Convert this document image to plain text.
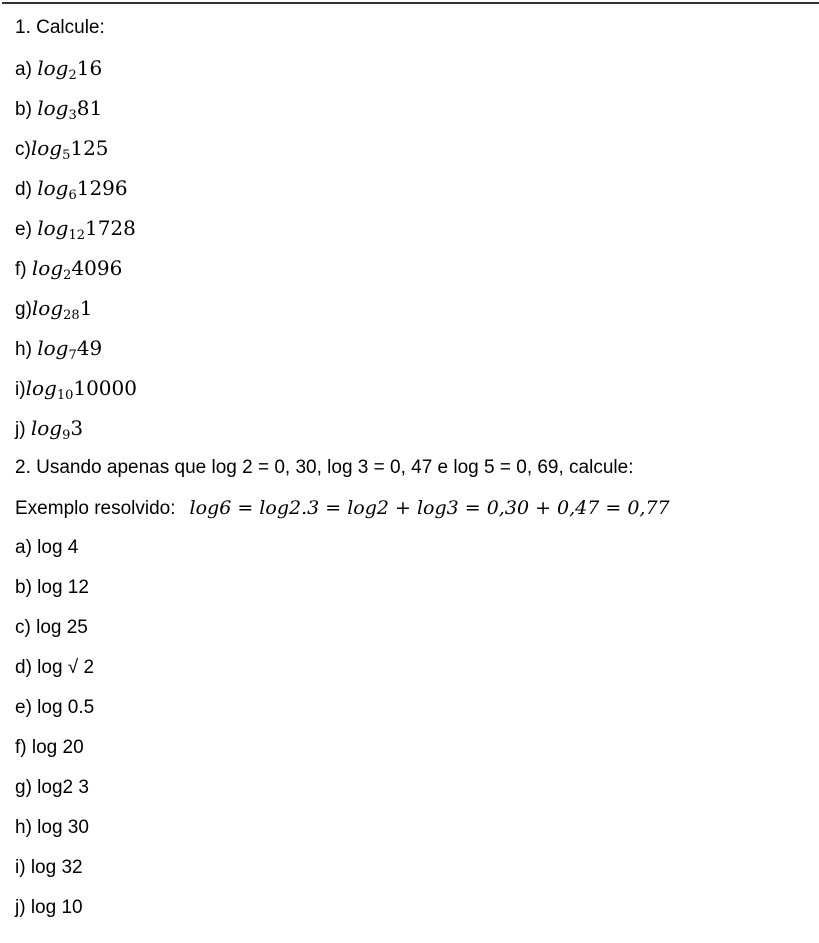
1. Calcule:
a) $\log_216$
b) $\log_381$
$c)\log_5125$
d) $\log_61296$
e) $\log_{12}1728$
f) $\log_24096$
$g)\log_{28}1$
h) $\log_749$
$i)\log_{10}10000$
j) $\log_93$
2. Usando apenas que log 2 = 0, 30, log 3 = 0, 47 e log 5 = 0, 69, calcule:
Exemplo resolvido: log6 = log2.3 = log2 + log3 = 0,30 + 0,47 = 0,77
a) log 4
b) log 12
c) log 25
d) log √ 2
e) log 0.5
f) log 20
g) log2 3
h) log 30
i) log 32
j) log 10
